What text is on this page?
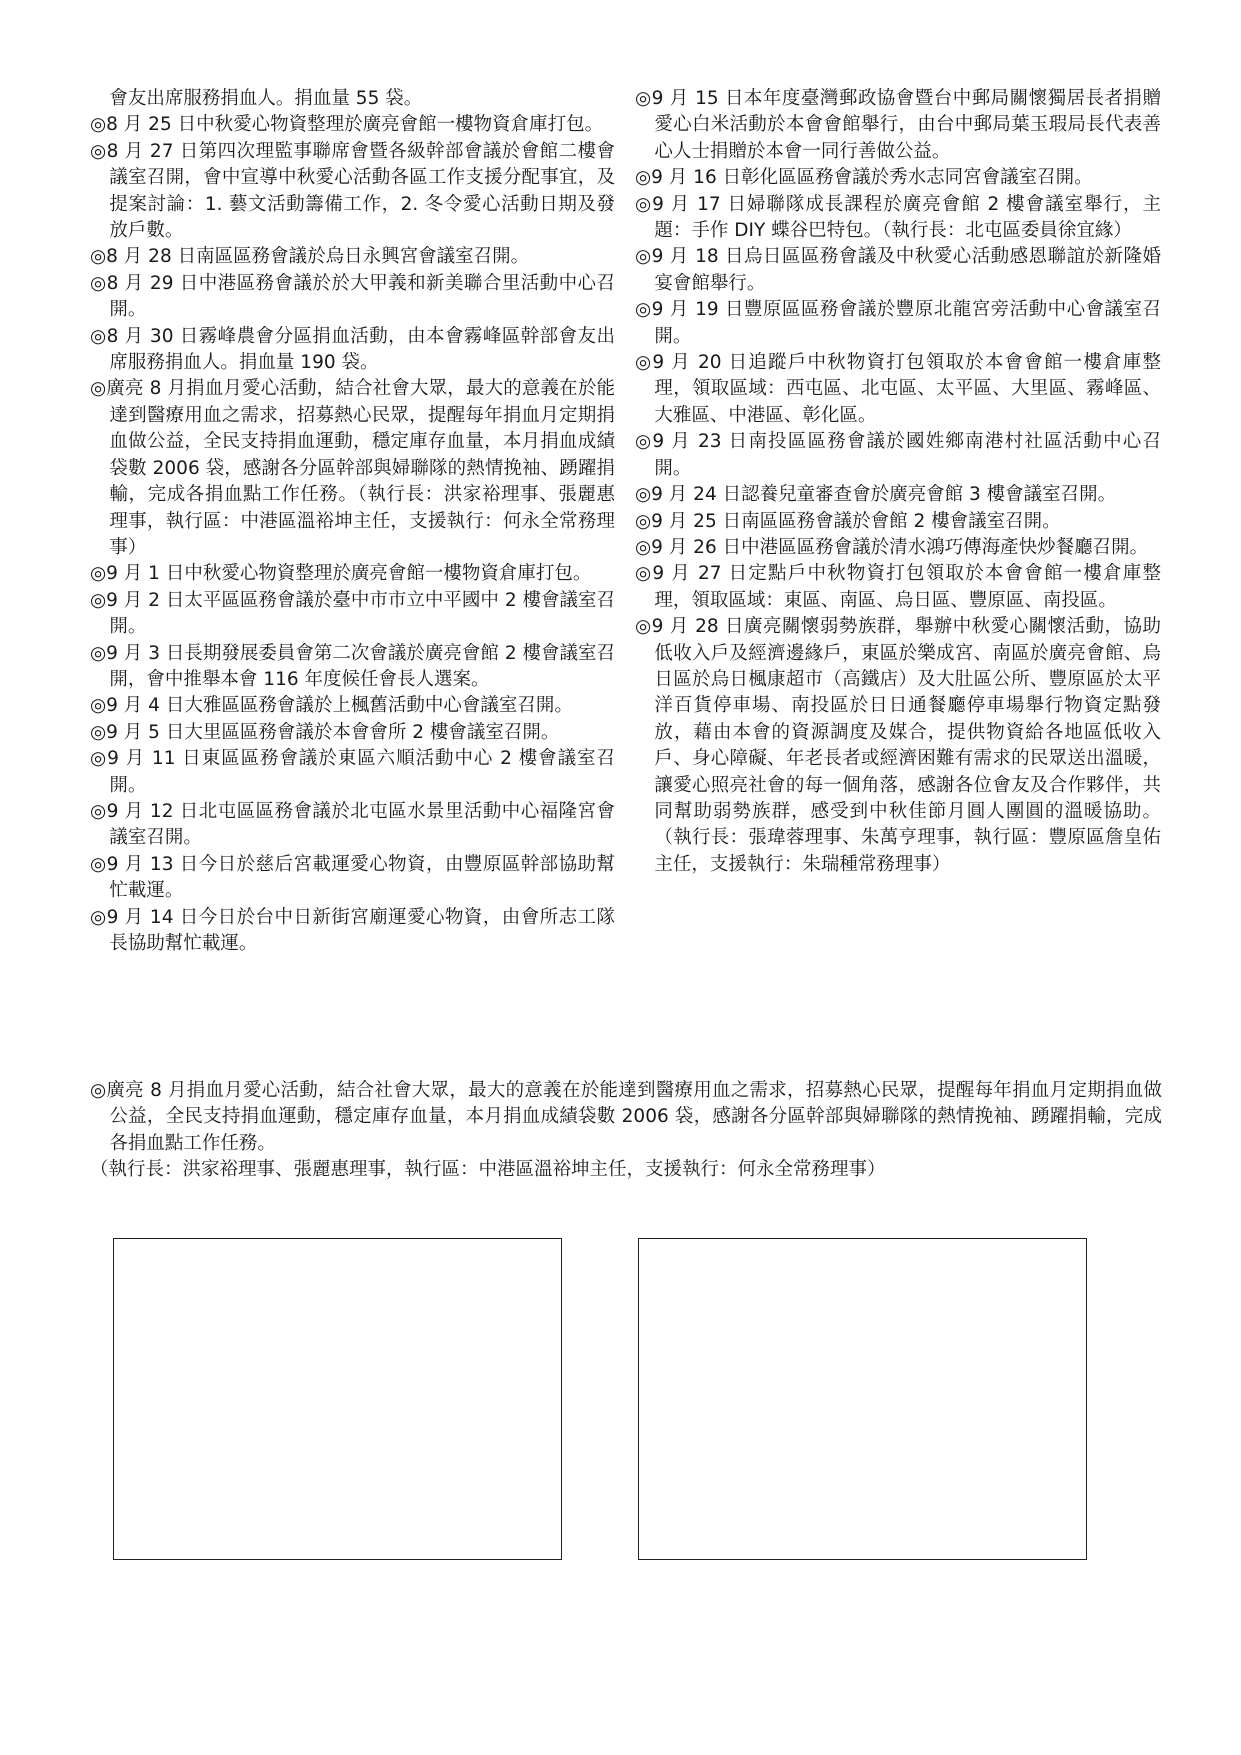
會友出席服務捐血人。捐血量 55 袋。

◎8 月 25 日中秋愛心物資整理於廣亮會館一樓物資倉庫打包。

◎8 月 27 日第四次理監事聯席會暨各級幹部會議於會館二樓會議室召開，會中宣導中秋愛心活動各區工作支援分配事宜，及提案討論：1. 藝文活動籌備工作，2. 冬令愛心活動日期及發放戶數。

◎8 月 28 日南區區務會議於烏日永興宮會議室召開。

◎8 月 29 日中港區務會議於於大甲義和新美聯合里活動中心召開。

◎8 月 30 日霧峰農會分區捐血活動，由本會霧峰區幹部會友出席服務捐血人。捐血量 190 袋。

◎廣亮 8 月捐血月愛心活動，結合社會大眾，最大的意義在於能達到醫療用血之需求，招募熱心民眾，提醒每年捐血月定期捐血做公益，全民支持捐血運動，穩定庫存血量，本月捐血成績袋數 2006 袋，感謝各分區幹部與婦聯隊的熱情挽袖、踴躍捐輸，完成各捐血點工作任務。（執行長：洪家裕理事、張麗惠理事，執行區：中港區溫裕坤主任，支援執行：何永全常務理事）

◎9 月 1 日中秋愛心物資整理於廣亮會館一樓物資倉庫打包。

◎9 月 2 日太平區區務會議於臺中市市立中平國中 2 樓會議室召開。

◎9 月 3 日長期發展委員會第二次會議於廣亮會館 2 樓會議室召開，會中推舉本會 116 年度候任會長人選案。

◎9 月 4 日大雅區區務會議於上楓舊活動中心會議室召開。

◎9 月 5 日大里區區務會議於本會會所 2 樓會議室召開。

◎9 月 11 日東區區務會議於東區六順活動中心 2 樓會議室召開。

◎9 月 12 日北屯區區務會議於北屯區水景里活動中心福隆宮會議室召開。

◎9 月 13 日今日於慈后宮載運愛心物資，由豐原區幹部協助幫忙載運。

◎9 月 14 日今日於台中日新街宮廟運愛心物資，由會所志工隊長協助幫忙載運。

◎9 月 15 日本年度臺灣郵政協會暨台中郵局關懷獨居長者捐贈愛心白米活動於本會會館舉行，由台中郵局葉玉瑕局長代表善心人士捐贈於本會一同行善做公益。

◎9 月 16 日彰化區區務會議於秀水志同宮會議室召開。

◎9 月 17 日婦聯隊成長課程於廣亮會館 2 樓會議室舉行，主題：手作 DIY 蝶谷巴特包。（執行長：北屯區委員徐宜緣）

◎9 月 18 日烏日區區務會議及中秋愛心活動感恩聯誼於新隆婚宴會館舉行。

◎9 月 19 日豐原區區務會議於豐原北龍宮旁活動中心會議室召開。

◎9 月 20 日追蹤戶中秋物資打包領取於本會會館一樓倉庫整理，領取區域：西屯區、北屯區、太平區、大里區、霧峰區、大雅區、中港區、彰化區。

◎9 月 23 日南投區區務會議於國姓鄉南港村社區活動中心召開。

◎9 月 24 日認養兒童審查會於廣亮會館 3 樓會議室召開。

◎9 月 25 日南區區務會議於會館 2 樓會議室召開。

◎9 月 26 日中港區區務會議於清水鴻巧傳海產快炒餐廳召開。

◎9 月 27 日定點戶中秋物資打包領取於本會會館一樓倉庫整理，領取區域：東區、南區、烏日區、豐原區、南投區。

◎9 月 28 日廣亮關懷弱勢族群，舉辦中秋愛心關懷活動，協助低收入戶及經濟邊緣戶，東區於樂成宮、南區於廣亮會館、烏日區於烏日楓康超市（高鐵店）及大肚區公所、豐原區於太平洋百貨停車場、南投區於日日通餐廳停車場舉行物資定點發放，藉由本會的資源調度及媒合，提供物資給各地區低收入戶、身心障礙、年老長者或經濟困難有需求的民眾送出溫暖，讓愛心照亮社會的每一個角落，感謝各位會友及合作夥伴，共同幫助弱勢族群，感受到中秋佳節月圓人團圓的溫暖協助。（執行長：張瑋蓉理事、朱萬亨理事，執行區：豐原區詹皇佑主任，支援執行：朱瑞種常務理事）

◎廣亮 8 月捐血月愛心活動，結合社會大眾，最大的意義在於能達到醫療用血之需求，招募熱心民眾，提醒每年捐血月定期捐血做公益，全民支持捐血運動，穩定庫存血量，本月捐血成績袋數 2006 袋，感謝各分區幹部與婦聯隊的熱情挽袖、踴躍捐輸，完成各捐血點工作任務。

（執行長：洪家裕理事、張麗惠理事，執行區：中港區溫裕坤主任，支援執行：何永全常務理事）
